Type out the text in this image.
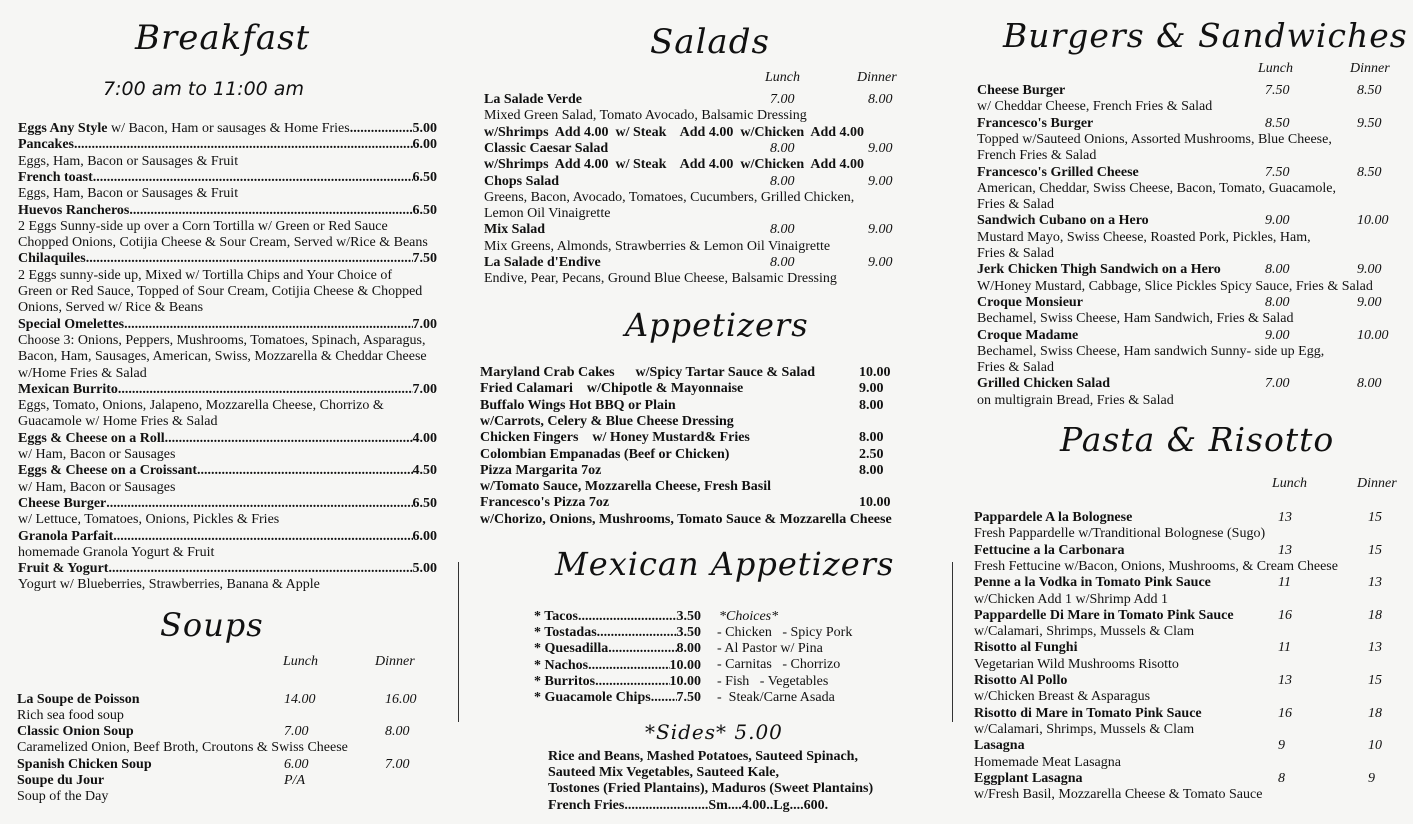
Breakfast
7:00 am to 11:00 am
Eggs Any Style w/ Bacon, Ham or sausages & Home Fries .....	5.00
Pancakes .....	6.00
Eggs, Ham, Bacon or Sausages & Fruit
French toast .....	6.50
Eggs, Ham, Bacon or Sausages & Fruit
Huevos Rancheros .....	6.50
2 Eggs Sunny-side up over a Corn Tortilla w/ Green or Red Sauce
Chopped Onions, Cotijia Cheese & Sour Cream, Served w/Rice & Beans
Chilaquiles .....	7.50
2 Eggs sunny-side up, Mixed w/ Tortilla Chips and Your Choice of
Green or Red Sauce, Topped of Sour Cream, Cotijia Cheese & Chopped
Onions, Served w/ Rice & Beans
Special Omelettes .....	7.00
Choose 3: Onions, Peppers, Mushrooms, Tomatoes, Spinach, Asparagus,
Bacon, Ham, Sausages, American, Swiss, Mozzarella & Cheddar Cheese
w/Home Fries & Salad
Mexican Burrito .....	7.00
Eggs, Tomato, Onions, Jalapeno, Mozzarella Cheese, Chorrizo &
Guacamole w/ Home Fries & Salad
Eggs & Cheese on a Roll .....	4.00
w/ Ham, Bacon or Sausages
Eggs & Cheese on a Croissant .....	4.50
w/ Ham, Bacon or Sausages
Cheese Burger .....	6.50
w/ Lettuce, Tomatoes, Onions, Pickles & Fries
Granola Parfait .....	6.00
homemade Granola Yogurt & Fruit
Fruit & Yogurt .....	5.00
Yogurt w/ Blueberries, Strawberries, Banana & Apple
Soups
Lunch	Dinner
La Soupe de Poisson	14.00	16.00
Rich sea food soup
Classic Onion Soup	7.00	8.00
Caramelized Onion, Beef Broth, Croutons & Swiss Cheese
Spanish Chicken Soup	6.00	7.00
Soupe du Jour	P/A
Soup of the Day
Salads
Lunch	Dinner
La Salade Verde	7.00	8.00
Mixed Green Salad, Tomato Avocado, Balsamic Dressing
w/Shrimps  Add 4.00  w/ Steak    Add 4.00  w/Chicken  Add 4.00
Classic Caesar Salad	8.00	9.00
w/Shrimps  Add 4.00  w/ Steak    Add 4.00  w/Chicken  Add 4.00
Chops Salad	8.00	9.00
Greens, Bacon, Avocado, Tomatoes, Cucumbers, Grilled Chicken,
Lemon Oil Vinaigrette
Mix Salad	8.00	9.00
Mix Greens, Almonds, Strawberries & Lemon Oil Vinaigrette
La Salade d'Endive	8.00	9.00
Endive, Pear, Pecans, Ground Blue Cheese, Balsamic Dressing
Appetizers
Maryland Crab Cakes      w/Spicy Tartar Sauce & Salad	10.00
Fried Calamari    w/Chipotle & Mayonnaise	9.00
Buffalo Wings Hot BBQ or Plain	8.00
w/Carrots, Celery & Blue Cheese Dressing
Chicken Fingers    w/ Honey Mustard& Fries	8.00
Colombian Empanadas (Beef or Chicken)	2.50
Pizza Margarita 7oz	8.00
w/Tomato Sauce, Mozzarella Cheese, Fresh Basil
Francesco's Pizza 7oz	10.00
w/Chorizo, Onions, Mushrooms, Tomato Sauce & Mozzarella Cheese
Mexican Appetizers
* Tacos .....	3.50
* Tostadas .....	3.50
* Quesadilla .....	8.00
* Nachos .....	10.00
* Burritos .....	10.00
* Guacamole Chips ..... 7.50
*Choices*
- Chicken   - Spicy Pork
- Al Pastor w/ Pina
- Carnitas   - Chorrizo
- Fish   - Vegetables
-  Steak/Carne Asada
*Sides* 5.00
Rice and Beans, Mashed Potatoes, Sauteed Spinach,
Sauteed Mix Vegetables, Sauteed Kale,
Tostones (Fried Plantains), Maduros (Sweet Plantains)
French Fries........................Sm....4.00..Lg....600.
Burgers & Sandwiches
Lunch	Dinner
Cheese Burger	7.50	8.50
w/ Cheddar Cheese, French Fries & Salad
Francesco's Burger	8.50	9.50
Topped w/Sauteed Onions, Assorted Mushrooms, Blue Cheese,
French Fries & Salad
Francesco's Grilled Cheese	7.50	8.50
American, Cheddar, Swiss Cheese, Bacon, Tomato, Guacamole,
Fries & Salad
Sandwich Cubano on a Hero	9.00	10.00
Mustard Mayo, Swiss Cheese, Roasted Pork, Pickles, Ham,
Fries & Salad
Jerk Chicken Thigh Sandwich on a Hero	8.00	9.00
W/Honey Mustard, Cabbage, Slice Pickles Spicy Sauce, Fries & Salad
Croque Monsieur	8.00	9.00
Bechamel, Swiss Cheese, Ham Sandwich, Fries & Salad
Croque Madame	9.00	10.00
Bechamel, Swiss Cheese, Ham sandwich Sunny- side up Egg,
Fries & Salad
Grilled Chicken Salad	7.00	8.00
on multigrain Bread, Fries & Salad
Pasta & Risotto
Lunch	Dinner
Pappardele A la Bolognese	13	15
Fresh Pappardelle w/Tranditional Bolognese (Sugo)
Fettucine a la Carbonara	13	15
Fresh Fettucine w/Bacon, Onions, Mushrooms, & Cream Cheese
Penne a la Vodka in Tomato Pink Sauce	11	13
w/Chicken Add 1 w/Shrimp Add 1
Pappardelle Di Mare in Tomato Pink Sauce	16	18
w/Calamari, Shrimps, Mussels & Clam
Risotto al Funghi	11	13
Vegetarian Wild Mushrooms Risotto
Risotto Al Pollo	13	15
w/Chicken Breast & Asparagus
Risotto di Mare in Tomato Pink Sauce	16	18
w/Calamari, Shrimps, Mussels & Clam
Lasagna	9	10
Homemade Meat Lasagna
Eggplant Lasagna	8	9
w/Fresh Basil, Mozzarella Cheese & Tomato Sauce
